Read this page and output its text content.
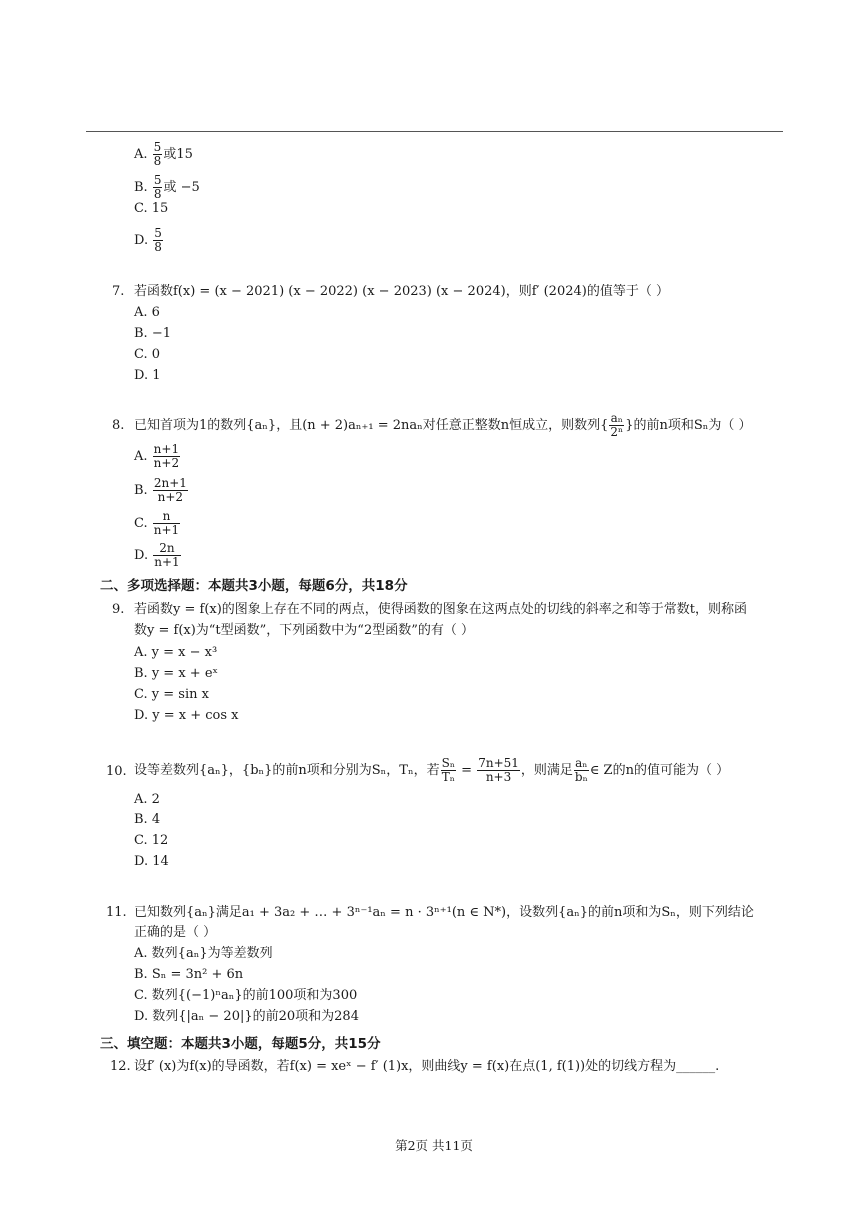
A. $\frac{5}{8}$ 或15
B. $\frac{5}{8}$ 或 −5
C. 15
D. $\frac{5}{8}$
7. 若函数f(x) = (x − 2021) (x − 2022) (x − 2023) (x − 2024)，则f′ (2024)的值等于（ ）
A. 6
B. −1
C. 0
D. 1
8. 已知首项为1的数列{aₙ}，且(n + 2)aₙ₊₁ = 2naₙ对任意正整数n恒成立，则数列{ $\frac{\text{aₙ}}{\text{2ⁿ}}$ }的前n项和Sₙ为（ ）
A. $\frac{n+1}{n+2}$
B. $\frac{2n+1}{n+2}$
C. $\frac{n}{n+1}$
D. $\frac{2n}{n+1}$
二、多项选择题：本题共3小题，每题6分，共18分
9. 若函数y = f(x)的图象上存在不同的两点，使得函数的图象在这两点处的切线的斜率之和等于常数t，则称函
数y = f(x)为“t型函数”，下列函数中为“2型函数”的有（ ）
A. y = x − x³
B. y = x + eˣ
C. y = sin x
D. y = x + cos x
10. 设等差数列{aₙ}，{bₙ}的前n项和分别为Sₙ，Tₙ，若 $\frac{\text{Sₙ}}{\text{Tₙ}} = \frac{7n+51}{n+3}$ ，则满足 $\frac{\text{aₙ}}{\text{bₙ}}$ ∈ Z的n的值可能为（ ）
A. 2
B. 4
C. 12
D. 14
11. 已知数列{aₙ}满足a₁ + 3a₂ + … + 3ⁿ⁻¹aₙ = n · 3ⁿ⁺¹(n ∈ N*)，设数列{aₙ}的前n项和为Sₙ，则下列结论
正确的是（ ）
A. 数列{aₙ}为等差数列
B. Sₙ = 3n² + 6n
C. 数列{(−1)ⁿaₙ}的前100项和为300
D. 数列{|aₙ − 20|}的前20项和为284
三、填空题：本题共3小题，每题5分，共15分
12. 设f′ (x)为f(x)的导函数，若f(x) = xeˣ − f′ (1)x，则曲线y = f(x)在点(1, f(1))处的切线方程为______.
第2页 共11页
